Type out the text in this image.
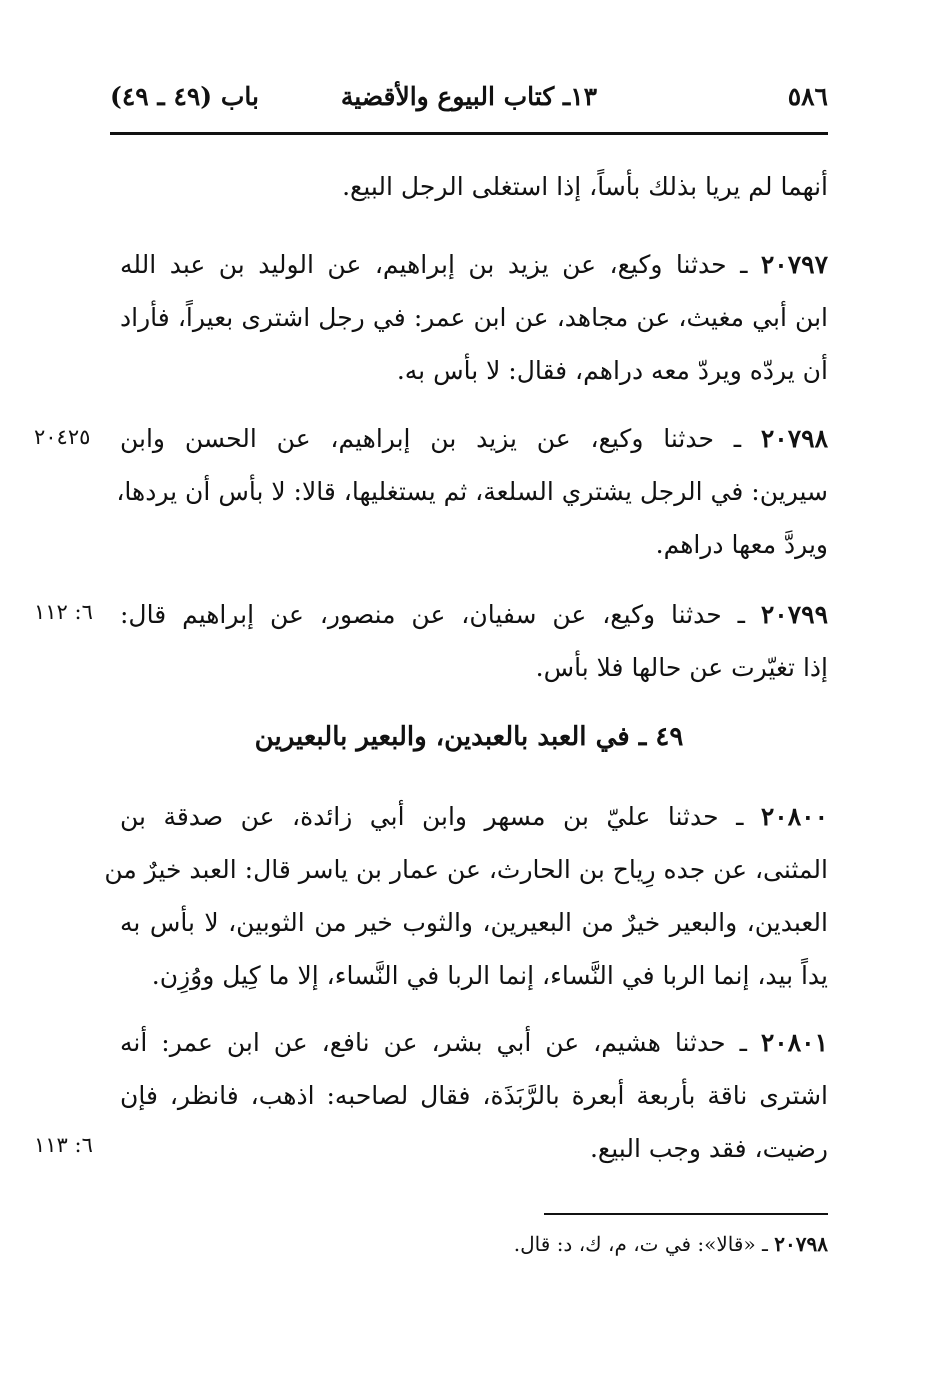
٥٨٦
١٣ـ كتاب البيوع والأقضية
باب (٤٩ ـ ٤٩)
أنهما لم يريا بذلك بأساً، إذا استغلى الرجل البيع.
٢٠٧٩٧ ـ حدثنا وكيع، عن يزيد بن إبراهيم، عن الوليد بن عبد الله
ابن أبي مغيث، عن مجاهد، عن ابن عمر: في رجل اشترى بعيراً، فأراد
أن يردّه ويردّ معه دراهم، فقال: لا بأس به.
٢٠٤٢٥	٢٠٧٩٨ ـ حدثنا وكيع، عن يزيد بن إبراهيم، عن الحسن وابن
سيرين: في الرجل يشتري السلعة، ثم يستغليها، قالا: لا بأس أن يردها،
ويردَّ معها دراهم.
٦: ١١٢	٢٠٧٩٩ ـ حدثنا وكيع، عن سفيان، عن منصور، عن إبراهيم قال:
إذا تغيّرت عن حالها فلا بأس.
٤٩ ـ في العبد بالعبدين، والبعير بالبعيرين
٢٠٨٠٠ ـ حدثنا عليّ بن مسهر وابن أبي زائدة، عن صدقة بن
المثنى، عن جده رِياح بن الحارث، عن عمار بن ياسر قال: العبد خيرٌ من
العبدين، والبعير خيرٌ من البعيرين، والثوب خير من الثوبين، لا بأس به
يداً بيد، إنما الربا في النَّساء، إنما الربا في النَّساء، إلا ما كِيل ووُزِن.
٢٠٨٠١ ـ حدثنا هشيم، عن أبي بشر، عن نافع، عن ابن عمر: أنه
اشترى ناقة بأربعة أبعرة بالرَّبَذَة، فقال لصاحبه: اذهب، فانظر، فإن
رضيت، فقد وجب البيع.
٦: ١١٣
٢٠٧٩٨ ـ «قالا»: في ت، م، ك، د: قال.
